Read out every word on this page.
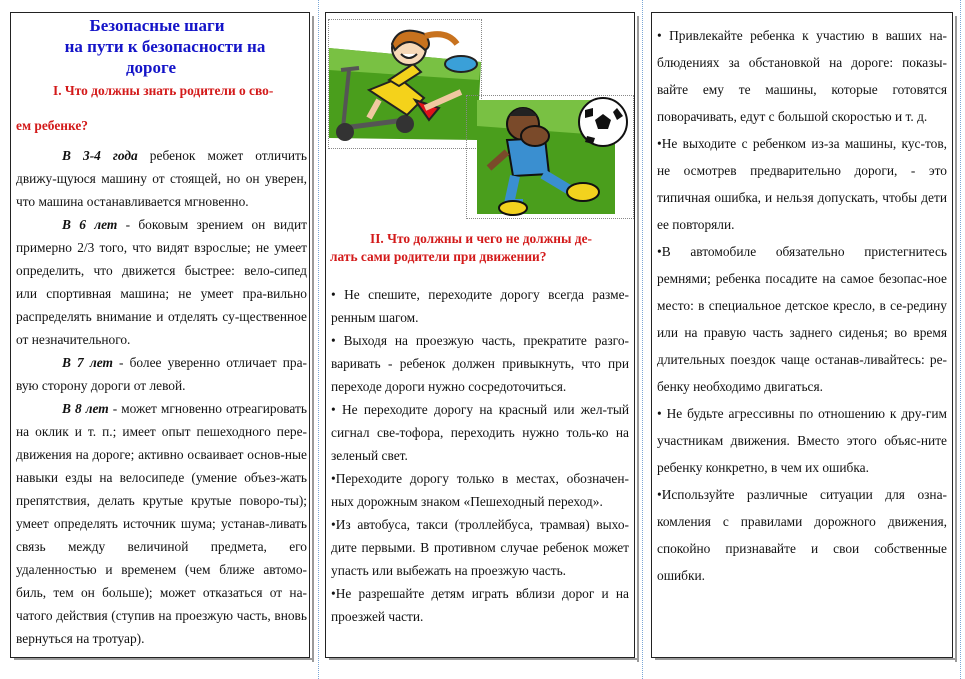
Безопасные шаги
на пути к безопасности на
дороге
I. Что должны знать родители о сво-
ем ребенке?

В 3-4 года ребенок может отличить движу-щуюся машину от стоящей, но он уверен, что машина останавливается мгновенно.

В 6 лет - боковым зрением он видит примерно 2/3 того, что видят взрослые; не умеет определить, что движется быстрее: вело-сипед или спортивная машина; не умеет пра-вильно распределять внимание и отделять су-щественное от незначительного.

В 7 лет - более уверенно отличает пра-вую сторону дороги от левой.

В 8 лет - может мгновенно отреагировать на оклик и т. п.; имеет опыт пешеходного пере-движения на дороге; активно осваивает основ-ные навыки езды на велосипеде (умение объез-жать препятствия, делать крутые крутые поворо-ты); умеет определять источник шума; устанав-ливать связь между величиной предмета, его удаленностью и временем (чем ближе автомо-биль, тем он больше); может отказаться от на-чатого действия (ступив на проезжую часть, вновь вернуться на тротуар).

II. Что должны и чего не должны де-
лать сами родители при движении?

• Не спешите, переходите дорогу всегда разме-ренным шагом.

• Выходя на проезжую часть, прекратите разго-варивать - ребенок должен привыкнуть, что при переходе дороги нужно сосредоточиться.

• Не переходите дорогу на красный или жел-тый сигнал све-тофора, переходить нужно толь-ко на зеленый свет.

•Переходите дорогу только в местах, обозначен-ных дорожным знаком «Пешеходный переход».

•Из автобуса, такси (троллейбуса, трамвая) выхо-дите первыми. В противном случае ребенок может упасть или выбежать на проезжую часть.

•Не разрешайте детям играть вблизи дорог и на проезжей части.

• Привлекайте ребенка к участию в ваших на-блюдениях за обстановкой на дороге: показы-вайте ему те машины, которые готовятся поворачивать, едут с большой скоростью и т. д.

•Не выходите с ребенком из-за машины, кус-тов, не осмотрев предварительно дороги, - это типичная ошибка, и нельзя допускать, чтобы дети ее повторяли.

•В автомобиле обязательно пристегнитесь ремнями; ребенка посадите на самое безопас-ное место: в специальное детское кресло, в се-редину или на правую часть заднего сиденья; во время длительных поездок чаще останав-ливайтесь: ре-бенку необходимо двигаться.

• Не будьте агрессивны по отношению к дру-гим участникам движения. Вместо этого объяс-ните ребенку конкретно, в чем их ошибка.

•Используйте различные ситуации для озна-комления с правилами дорожного движения, спокойно признавайте и свои собственные ошибки.
